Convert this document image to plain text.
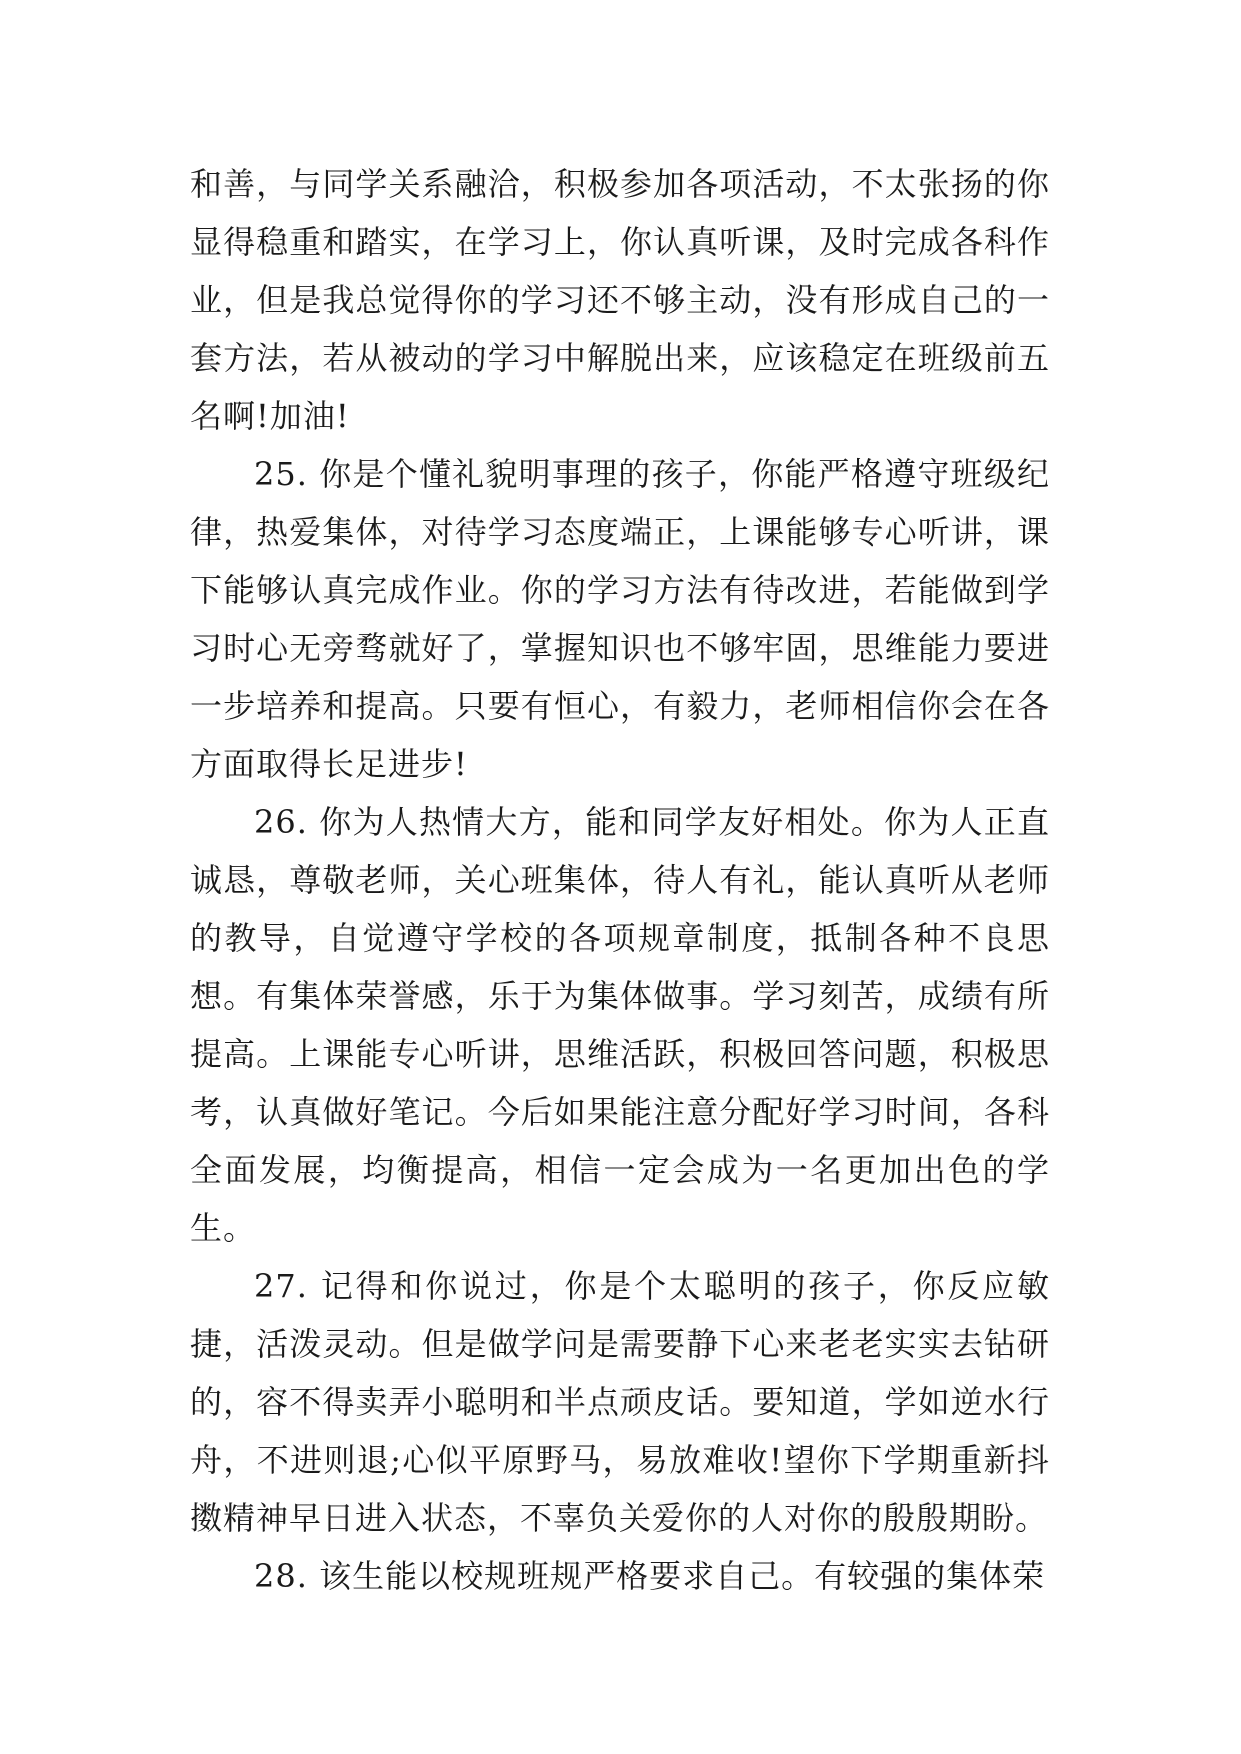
和善，与同学关系融洽，积极参加各项活动，不太张扬的你显得稳重和踏实，在学习上，你认真听课，及时完成各科作业，但是我总觉得你的学习还不够主动，没有形成自己的一套方法，若从被动的学习中解脱出来，应该稳定在班级前五名啊!加油!

25. 你是个懂礼貌明事理的孩子，你能严格遵守班级纪律，热爱集体，对待学习态度端正，上课能够专心听讲，课下能够认真完成作业。你的学习方法有待改进，若能做到学习时心无旁骛就好了，掌握知识也不够牢固，思维能力要进一步培养和提高。只要有恒心，有毅力，老师相信你会在各方面取得长足进步!

26. 你为人热情大方，能和同学友好相处。你为人正直诚恳，尊敬老师，关心班集体，待人有礼，能认真听从老师的教导，自觉遵守学校的各项规章制度，抵制各种不良思想。有集体荣誉感，乐于为集体做事。学习刻苦，成绩有所提高。上课能专心听讲，思维活跃，积极回答问题，积极思考，认真做好笔记。今后如果能注意分配好学习时间，各科全面发展，均衡提高，相信一定会成为一名更加出色的学生。

27. 记得和你说过，你是个太聪明的孩子，你反应敏捷，活泼灵动。但是做学问是需要静下心来老老实实去钻研的，容不得卖弄小聪明和半点顽皮话。要知道，学如逆水行舟，不进则退;心似平原野马，易放难收!望你下学期重新抖擞精神早日进入状态，不辜负关爱你的人对你的殷殷期盼。

28. 该生能以校规班规严格要求自己。有较强的集体荣
